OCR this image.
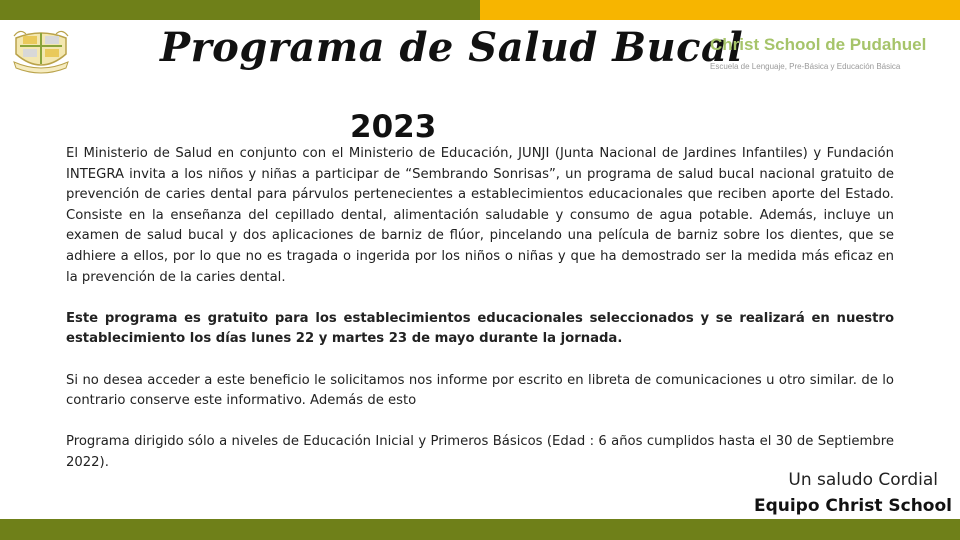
Programa de Salud Bucal
2023
Christ School de Pudahuel
Escuela de Lenguaje, Pre-Básica y Educación Básica

El Ministerio de Salud en conjunto con el Ministerio de Educación, JUNJI (Junta Nacional de Jardines Infantiles) y Fundación INTEGRA invita a los niños y niñas a participar de “Sembrando Sonrisas”, un programa de salud bucal nacional gratuito de prevención de caries dental para párvulos pertenecientes a establecimientos educacionales que reciben aporte del Estado. Consiste en la enseñanza del cepillado dental, alimentación saludable y consumo de agua potable. Además, incluye un examen de salud bucal y dos aplicaciones de barniz de flúor, pincelando una película de barniz sobre los dientes, que se adhiere a ellos, por lo que no es tragada o ingerida por los niños o niñas y que ha demostrado ser la medida más eficaz en la prevención de la caries dental.

Este programa es gratuito para los establecimientos educacionales seleccionados y se realizará en nuestro establecimiento los días lunes 22 y martes 23 de mayo durante la jornada.

Si no desea acceder a este beneficio le solicitamos nos informe por escrito en libreta de comunicaciones u otro similar. de lo contrario conserve este informativo. Además de esto

Programa dirigido sólo a niveles de Educación Inicial y Primeros Básicos (Edad : 6 años cumplidos hasta el 30 de Septiembre 2022).

Un saludo Cordial
Equipo Christ School
